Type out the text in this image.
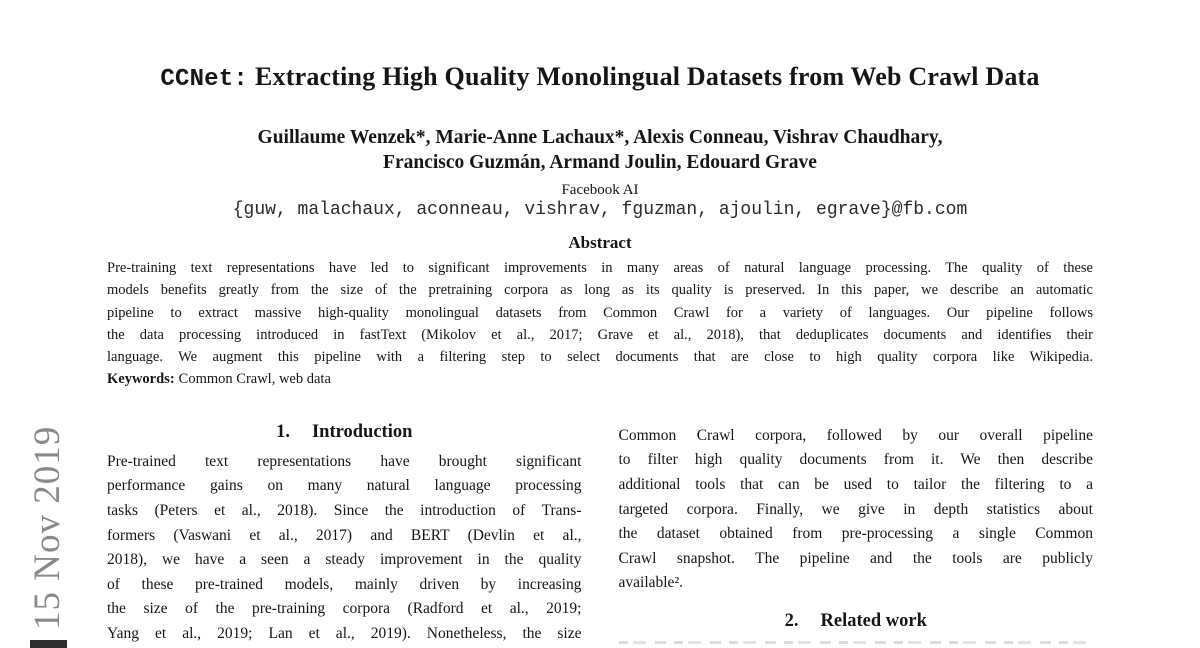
15 Nov 2019
CCNet: Extracting High Quality Monolingual Datasets from Web Crawl Data
Guillaume Wenzek*, Marie-Anne Lachaux*, Alexis Conneau, Vishrav Chaudhary,
Francisco Guzmán, Armand Joulin, Edouard Grave
Facebook AI
{guw, malachaux, aconneau, vishrav, fguzman, ajoulin, egrave}@fb.com
Abstract
Pre-training text representations have led to significant improvements in many areas of natural language processing. The quality of these
models benefits greatly from the size of the pretraining corpora as long as its quality is preserved. In this paper, we describe an automatic
pipeline to extract massive high-quality monolingual datasets from Common Crawl for a variety of languages. Our pipeline follows
the data processing introduced in fastText (Mikolov et al., 2017; Grave et al., 2018), that deduplicates documents and identifies their
language. We augment this pipeline with a filtering step to select documents that are close to high quality corpora like Wikipedia.
Keywords: Common Crawl, web data
1. Introduction
Pre-trained text representations have brought significant
performance gains on many natural language processing
tasks (Peters et al., 2018). Since the introduction of Trans-
formers (Vaswani et al., 2017) and BERT (Devlin et al.,
2018), we have a seen a steady improvement in the quality
of these pre-trained models, mainly driven by increasing
the size of the pre-training corpora (Radford et al., 2019;
Yang et al., 2019; Lan et al., 2019). Nonetheless, the size
Common Crawl corpora, followed by our overall pipeline
to filter high quality documents from it. We then describe
additional tools that can be used to tailor the filtering to a
targeted corpora. Finally, we give in depth statistics about
the dataset obtained from pre-processing a single Common
Crawl snapshot. The pipeline and the tools are publicly
available².
2. Related work
